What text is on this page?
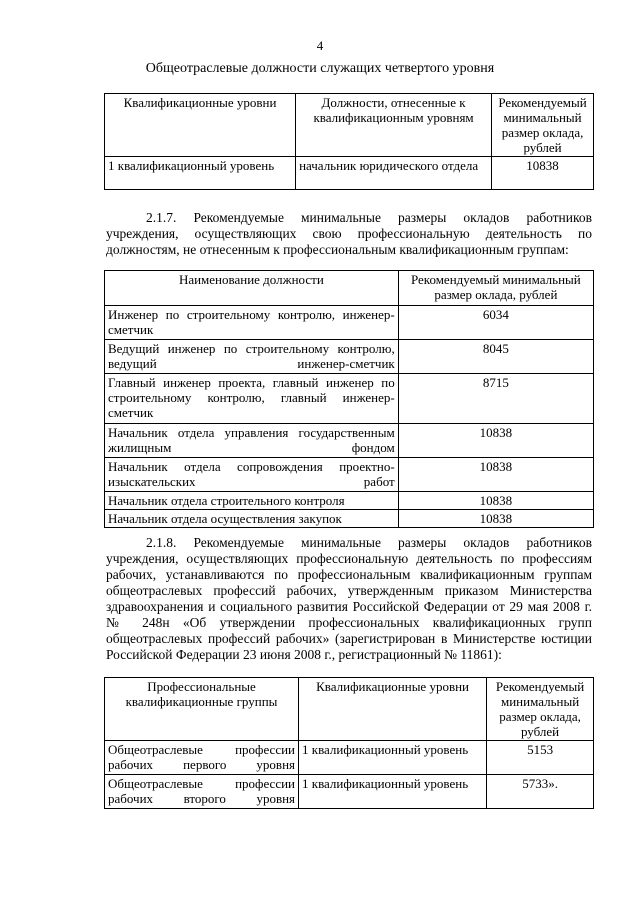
4
Общеотраслевые должности служащих четвертого уровня
Квалификационные уровни	Должности, отнесенные к квалификационным уровням	Рекомендуемый минимальный размер оклада, рублей
1 квалификационный уровень	начальник юридического отдела	10838
2.1.7. Рекомендуемые минимальные размеры окладов работников учреждения, осуществляющих свою профессиональную деятельность по должностям, не отнесенным к профессиональным квалификационным группам:
Наименование должности	Рекомендуемый минимальный размер оклада, рублей
Инженер по строительному контролю, инженер-сметчик	6034
Ведущий инженер по строительному контролю, ведущий инженер-сметчик	8045
Главный инженер проекта, главный инженер по строительному контролю, главный инженер-сметчик	8715
Начальник отдела управления государственным жилищным фондом	10838
Начальник отдела сопровождения проектно-изыскательских работ	10838
Начальник отдела строительного контроля	10838
Начальник отдела осуществления закупок	10838
2.1.8. Рекомендуемые минимальные размеры окладов работников учреждения, осуществляющих профессиональную деятельность по профессиям рабочих, устанавливаются по профессиональным квалификационным группам общеотраслевых профессий рабочих, утвержденным приказом Министерства здравоохранения и социального развития Российской Федерации от 29 мая 2008 г. № 248н «Об утверждении профессиональных квалификационных групп общеотраслевых профессий рабочих» (зарегистрирован в Министерстве юстиции Российской Федерации 23 июня 2008 г., регистрационный № 11861):
Профессиональные квалификационные группы	Квалификационные уровни	Рекомендуемый минимальный размер оклада, рублей
Общеотраслевые профессии рабочих первого уровня	1 квалификационный уровень	5153
Общеотраслевые профессии рабочих второго уровня	1 квалификационный уровень	5733».
